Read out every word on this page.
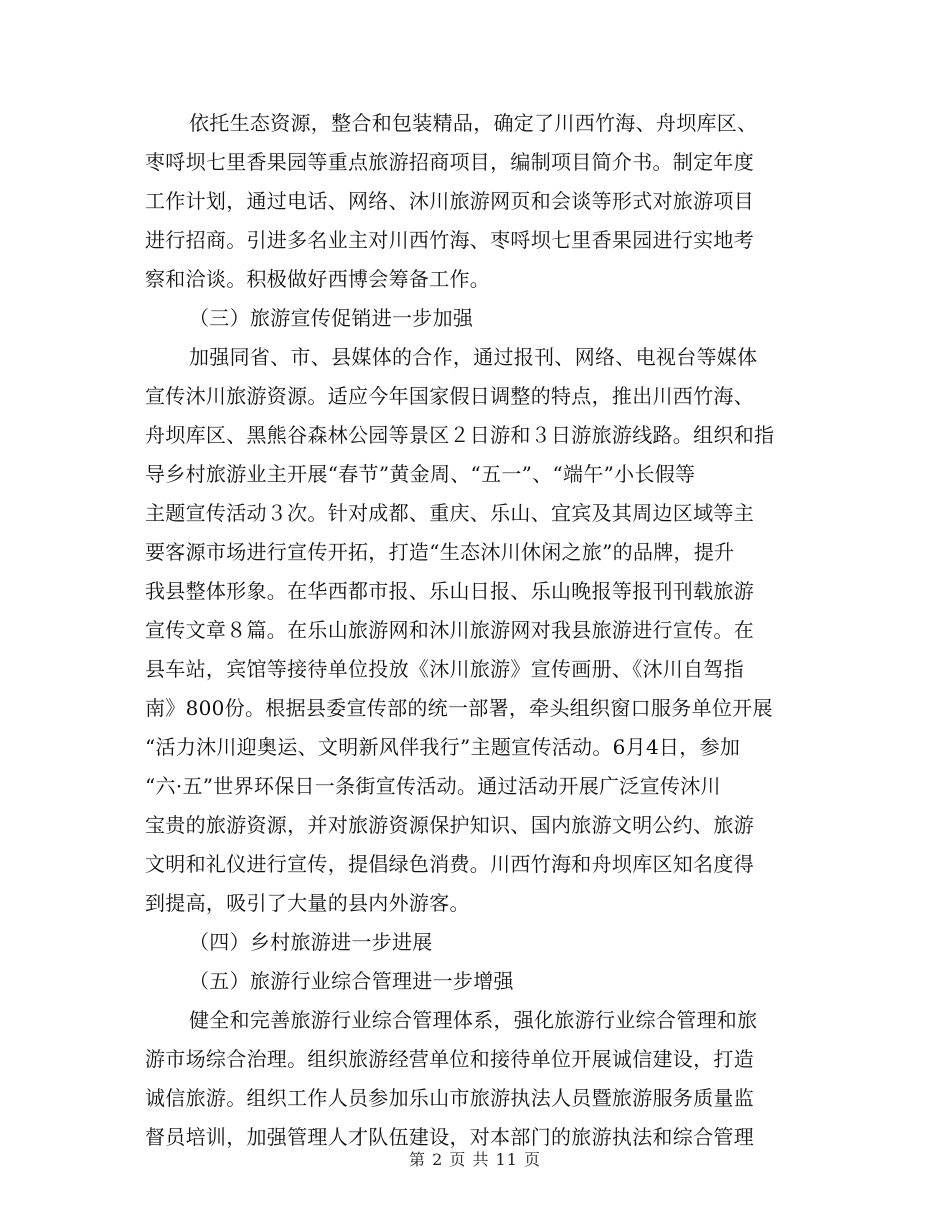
依托生态资源，整合和包装精品，确定了川西竹海、舟坝库区、
枣哷坝七里香果园等重点旅游招商项目，编制项目简介书。制定年度
工作计划，通过电话、网络、沐川旅游网页和会谈等形式对旅游项目
进行招商。引进多名业主对川西竹海、枣哷坝七里香果园进行实地考
察和洽谈。积极做好西博会筹备工作。
（三）旅游宣传促销进一步加强
加强同省、市、县媒体的合作，通过报刊、网络、电视台等媒体
宣传沐川旅游资源。适应今年国家假日调整的特点，推出川西竹海、
舟坝库区、黑熊谷森林公园等景区２日游和３日游旅游线路。组织和指
导乡村旅游业主开展“春节”黄金周、“五一”、“端午”小长假等
主题宣传活动３次。针对成都、重庆、乐山、宜宾及其周边区域等主
要客源市场进行宣传开拓，打造“生态沐川休闲之旅”的品牌，提升
我县整体形象。在华西都市报、乐山日报、乐山晚报等报刊刊载旅游
宣传文章８篇。在乐山旅游网和沐川旅游网对我县旅游进行宣传。在
县车站，宾馆等接待单位投放《沐川旅游》宣传画册、《沐川自驾指
南》800份。根据县委宣传部的统一部署，牵头组织窗口服务单位开展
“活力沐川迎奥运、文明新风伴我行”主题宣传活动。6月4日，参加
“六·五”世界环保日一条街宣传活动。通过活动开展广泛宣传沐川
宝贵的旅游资源，并对旅游资源保护知识、国内旅游文明公约、旅游
文明和礼仪进行宣传，提倡绿色消费。川西竹海和舟坝库区知名度得
到提高，吸引了大量的县内外游客。
（四）乡村旅游进一步进展
（五）旅游行业综合管理进一步增强
健全和完善旅游行业综合管理体系，强化旅游行业综合管理和旅
游市场综合治理。组织旅游经营单位和接待单位开展诚信建设，打造
诚信旅游。组织工作人员参加乐山市旅游执法人员暨旅游服务质量监
督员培训，加强管理人才队伍建设，对本部门的旅游执法和综合管理
第 2 页 共 11 页
